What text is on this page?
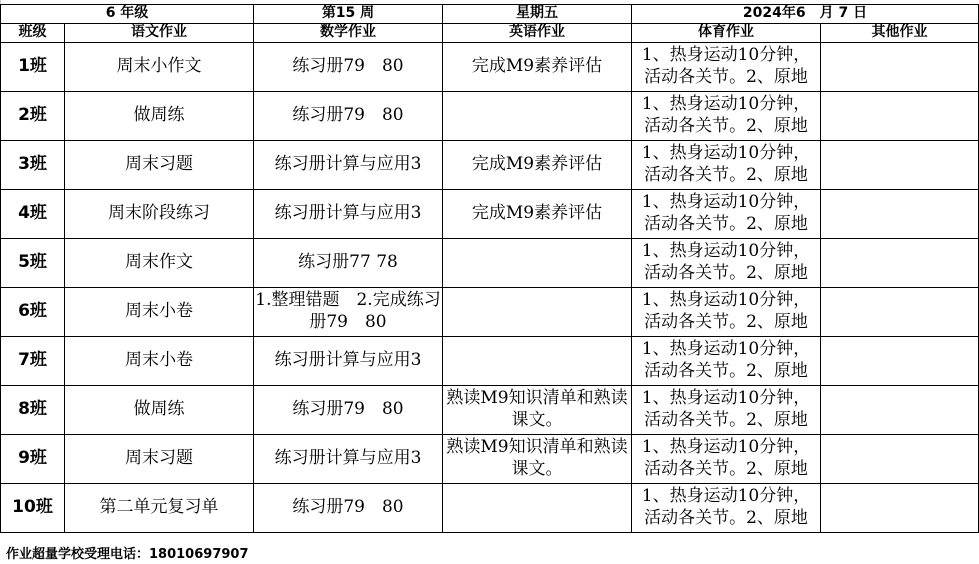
6 年级		第15 周	星期五	2024年6　月 7 日	
班级	语文作业	数学作业	英语作业	体育作业	其他作业
1班	周末小作文	练习册79　80	完成M9素养评估	1、热身运动10分钟，
活动各关节。2、原地	

2班	做周练	练习册79　80		1、热身运动10分钟，
活动各关节。2、原地	

3班	周末习题	练习册计算与应用3	完成M9素养评估	1、热身运动10分钟，
活动各关节。2、原地	

4班	周末阶段练习	练习册计算与应用3	完成M9素养评估	1、热身运动10分钟，
活动各关节。2、原地	

5班	周末作文	练习册77 78		1、热身运动10分钟，
活动各关节。2、原地	

6班	周末小卷	1.整理错题　2.完成练习册79　80		1、热身运动10分钟，
活动各关节。2、原地	

7班	周末小卷	练习册计算与应用3		1、热身运动10分钟，
活动各关节。2、原地	

8班	做周练	练习册79　80	熟读M9知识清单和熟读课文。	1、热身运动10分钟，
活动各关节。2、原地	

9班	周末习题	练习册计算与应用3	熟读M9知识清单和熟读课文。	1、热身运动10分钟，
活动各关节。2、原地	

10班	第二单元复习单	练习册79　80		1、热身运动10分钟，
活动各关节。2、原地	

作业超量学校受理电话：18010697907
